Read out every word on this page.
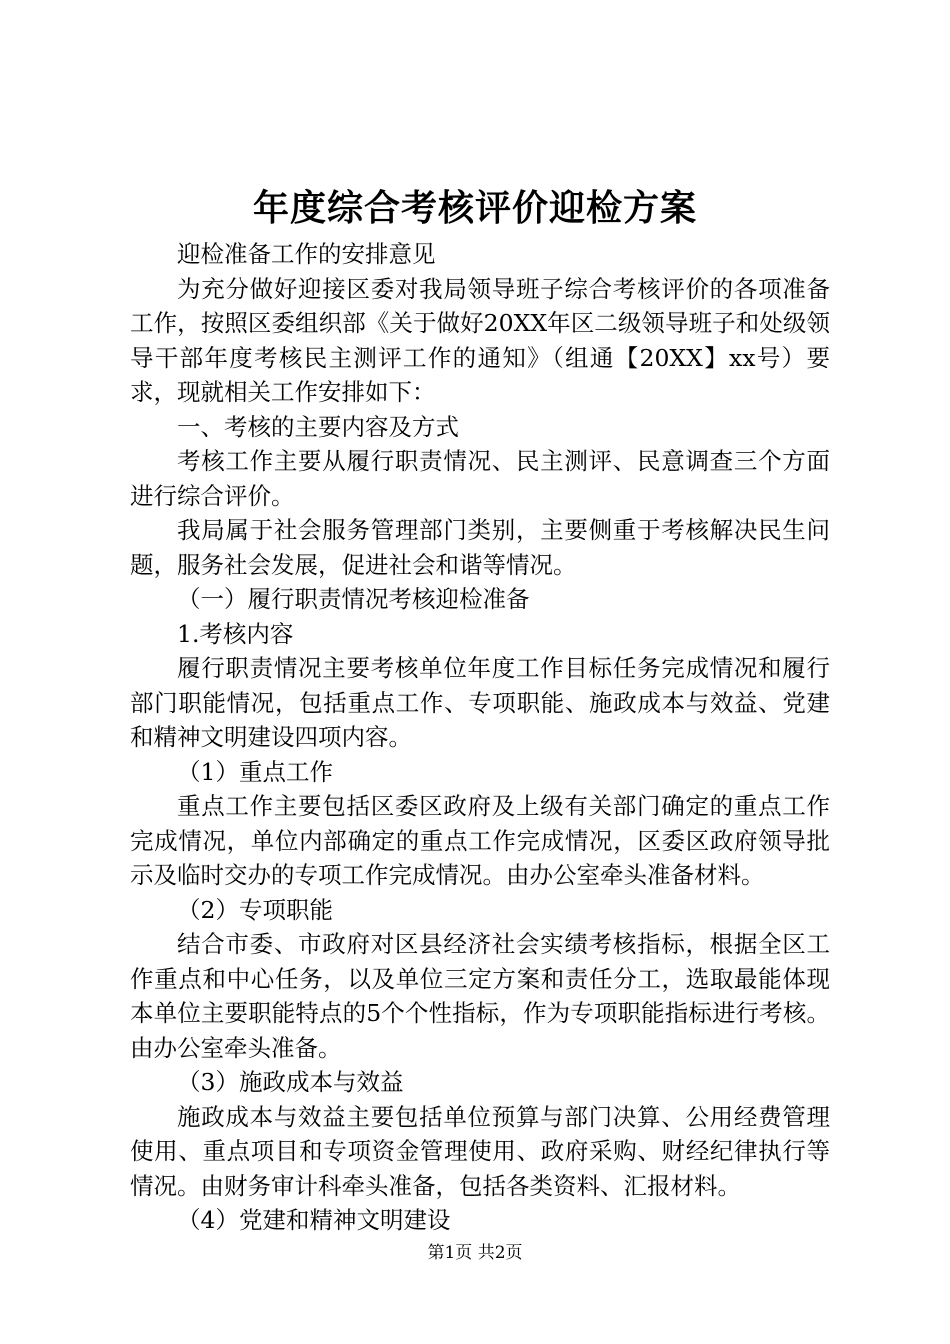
年度综合考核评价迎检方案

迎检准备工作的安排意见

为充分做好迎接区委对我局领导班子综合考核评价的各项准备工作，按照区委组织部《关于做好20XX年区二级领导班子和处级领导干部年度考核民主测评工作的通知》（组通【20XX】xx号）要求，现就相关工作安排如下：

一、考核的主要内容及方式

考核工作主要从履行职责情况、民主测评、民意调查三个方面进行综合评价。

我局属于社会服务管理部门类别，主要侧重于考核解决民生问题，服务社会发展，促进社会和谐等情况。

（一）履行职责情况考核迎检准备

1.考核内容

履行职责情况主要考核单位年度工作目标任务完成情况和履行部门职能情况，包括重点工作、专项职能、施政成本与效益、党建和精神文明建设四项内容。

（1）重点工作

重点工作主要包括区委区政府及上级有关部门确定的重点工作完成情况，单位内部确定的重点工作完成情况，区委区政府领导批示及临时交办的专项工作完成情况。由办公室牵头准备材料。

（2）专项职能

结合市委、市政府对区县经济社会实绩考核指标，根据全区工作重点和中心任务，以及单位三定方案和责任分工，选取最能体现本单位主要职能特点的5个个性指标，作为专项职能指标进行考核。由办公室牵头准备。

（3）施政成本与效益

施政成本与效益主要包括单位预算与部门决算、公用经费管理使用、重点项目和专项资金管理使用、政府采购、财经纪律执行等情况。由财务审计科牵头准备，包括各类资料、汇报材料。

（4）党建和精神文明建设

第1页 共2页
